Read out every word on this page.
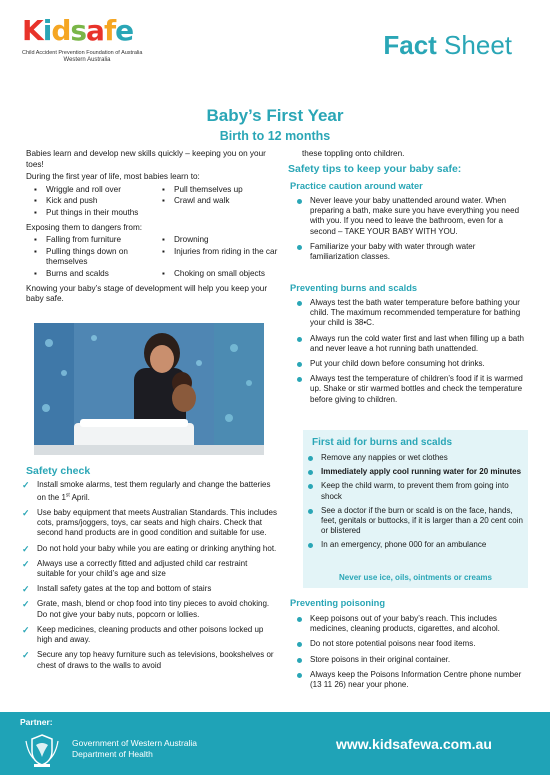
K i d s a f e
Child Accident Prevention Foundation of Australia
Western Australia	Fact Sheet
Baby’s First Year
Birth to 12 months

Babies learn and develop new skills quickly – keeping you on your toes!

During the first year of life, most babies learn to:

▪ Wriggle and roll over	▪ Pull themselves up
▪ Kick and push	▪ Crawl and walk
▪ Put things in their mouths

Exposing them to dangers from:

▪ Falling from furniture	▪ Drowning
▪ Pulling things down on themselves
▪ Injuries from riding in the car
▪ Burns and scalds	▪ Choking on small objects

Knowing your baby’s stage of development will help you keep your baby safe.

Safety check
✓ Install smoke alarms, test them regularly and change the batteries on the 1st April.
✓ Use baby equipment that meets Australian Standards. This includes cots, prams/joggers, toys, car seats and high chairs. Check that second hand products are in good condition and suitable for use.
✓ Do not hold your baby while you are eating or drinking anything hot.
✓ Always use a correctly fitted and adjusted child car restraint suitable for your child’s age and size
✓ Install safety gates at the top and bottom of stairs
✓ Grate, mash, blend or chop food into tiny pieces to avoid choking. Do not give your baby nuts, popcorn or lollies.
✓ Keep medicines, cleaning products and other poisons locked up high and away.
✓ Secure any top heavy furniture such as televisions, bookshelves or chest of draws to the walls to avoid
these toppling onto children.
Safety tips to keep your baby safe:
Practice caution around water
Never leave your baby unattended around water. When preparing a bath, make sure you have everything you need with you. If you need to leave the bathroom, even for a second – TAKE YOUR BABY WITH YOU.
Familiarize your baby with water through water familiarization classes.
Preventing burns and scalds
Always test the bath water temperature before bathing your child. The maximum recommended temperature for bathing your child is 38•C.
Always run the cold water first and last when filling up a bath and never leave a hot running bath unattended.
Put your child down before consuming hot drinks.
Always test the temperature of children’s food if it is warmed up. Shake or stir warmed bottles and check the temperature before giving to children.
First aid for burns and scalds
Remove any nappies or wet clothes
Immediately apply cool running water for 20 minutes
Keep the child warm, to prevent them from going into shock
See a doctor if the burn or scald is on the face, hands, feet, genitals or buttocks, if it is larger than a 20 cent coin or blistered
In an emergency, phone 000 for an ambulance
Never use ice, oils, ointments or creams
Preventing poisoning
Keep poisons out of your baby’s reach. This includes medicines, cleaning products, cigarettes, and alcohol.
Do not store potential poisons near food items.
Store poisons in their original container.
Always keep the Poisons Information Centre phone number (13 11 26) near your phone.
Partner:
Government of Western Australia
Department of Health
www.kidsafewa.com.au
